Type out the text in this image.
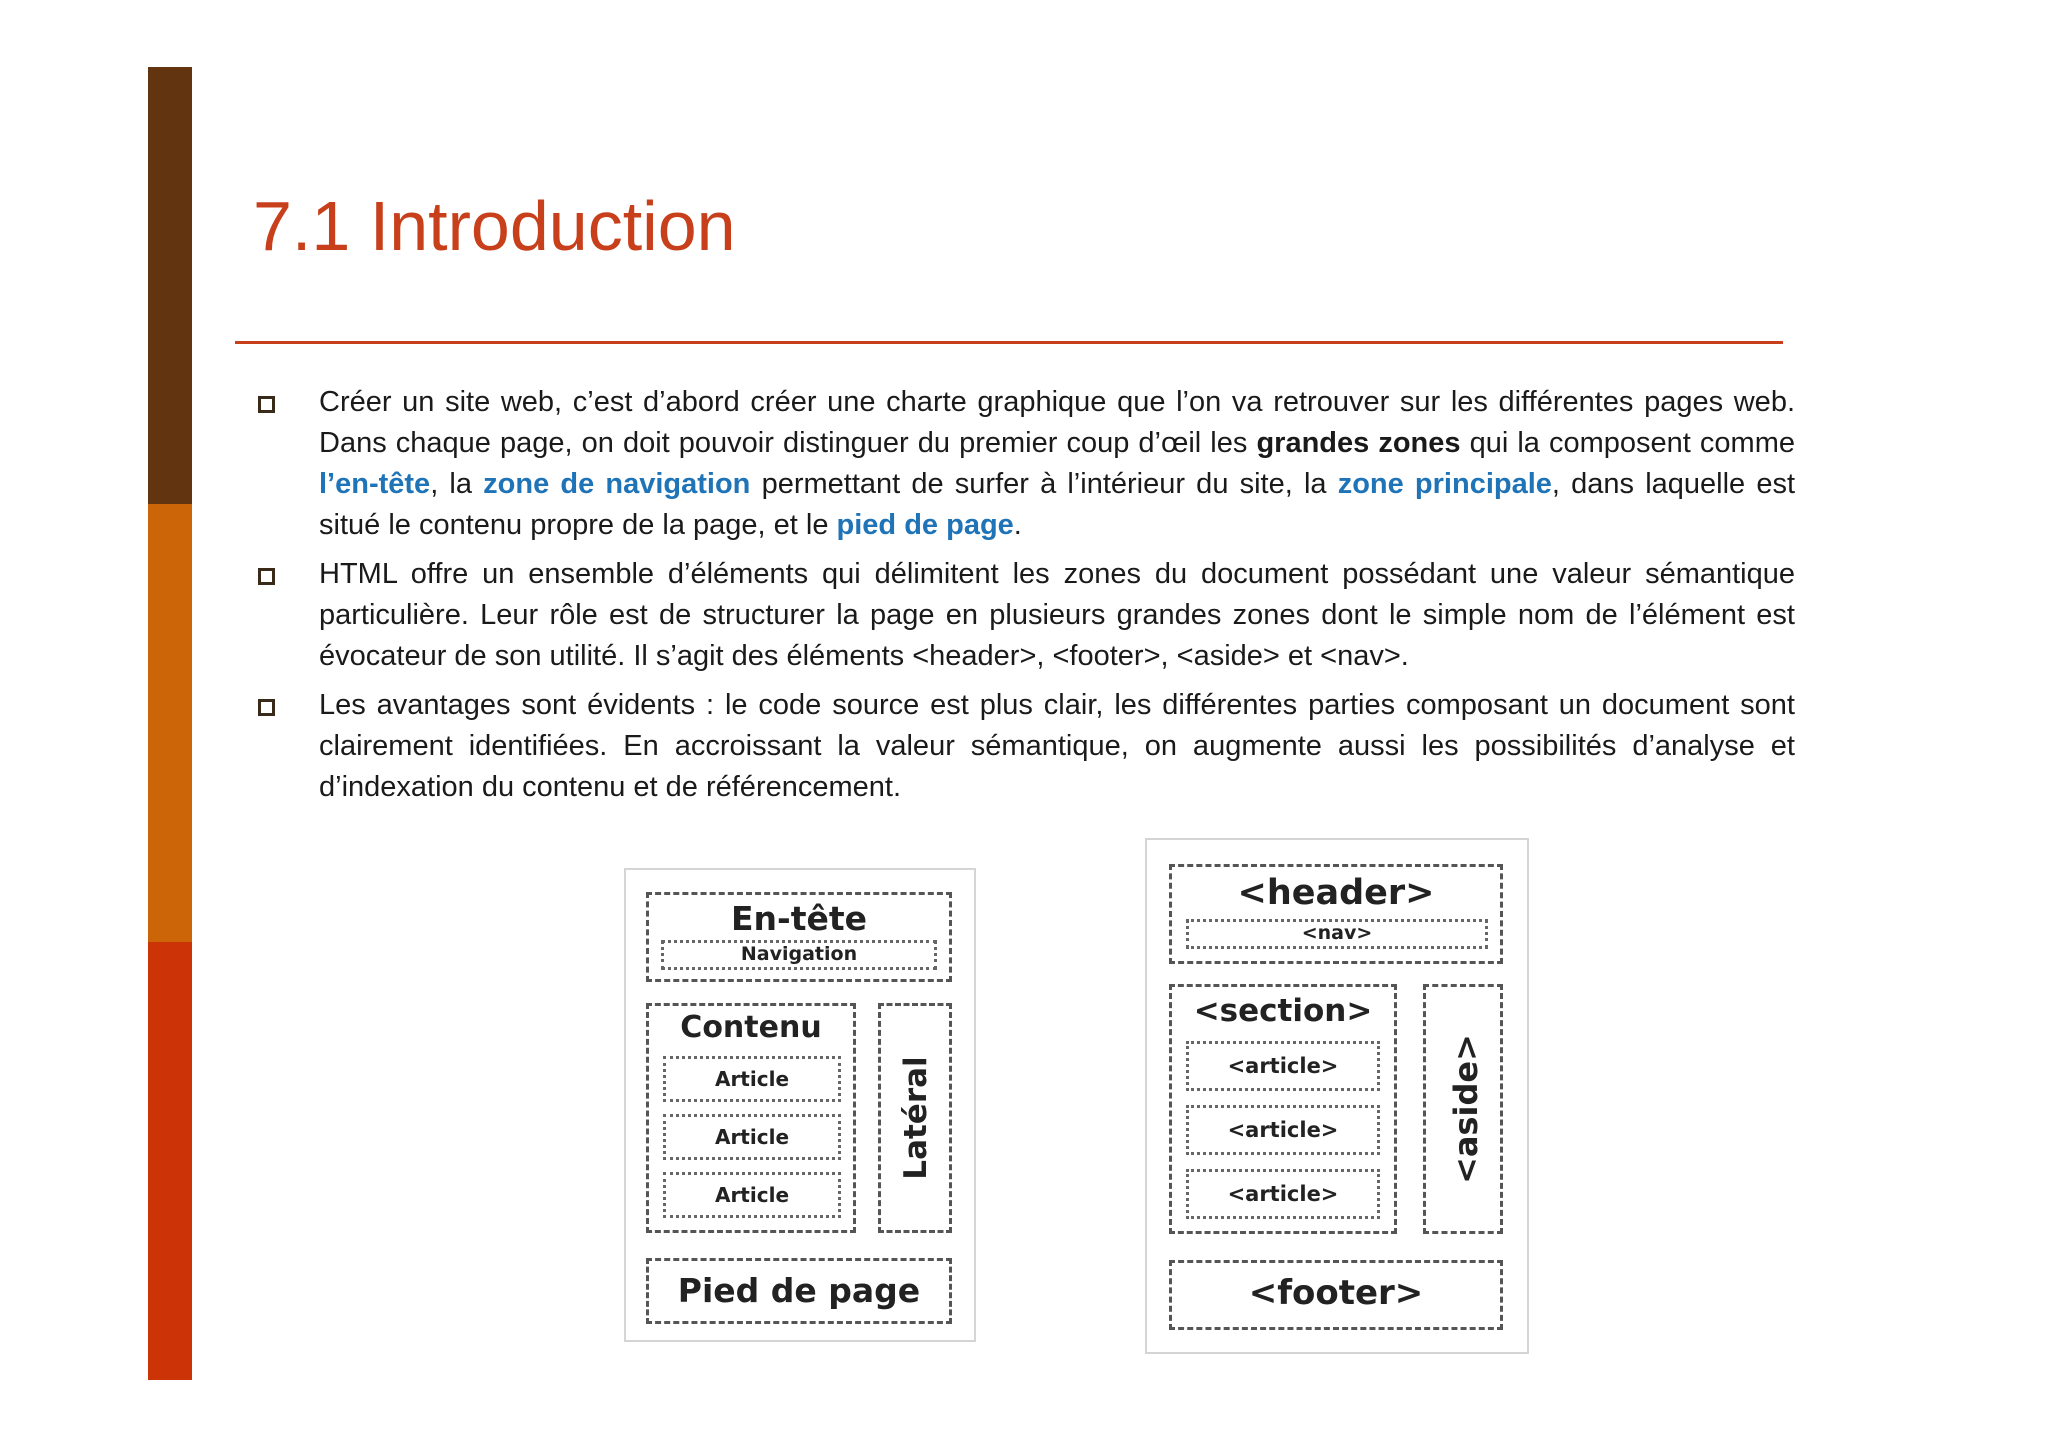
7.1 Introduction
Créer un site web, c’est d’abord créer une charte graphique que l’on va retrouver sur les différentes pages web. Dans chaque page, on doit pouvoir distinguer du premier coup d’œil les grandes zones qui la composent comme l’en-tête, la zone de navigation permettant de surfer à l’intérieur du site, la zone principale, dans laquelle est situé le contenu propre de la page, et le pied de page.
HTML offre un ensemble d’éléments qui délimitent les zones du document possédant une valeur sémantique particulière. Leur rôle est de structurer la page en plusieurs grandes zones dont le simple nom de l’élément est évocateur de son utilité. Il s’agit des éléments <header>, <footer>, <aside> et <nav>.
Les avantages sont évidents : le code source est plus clair, les différentes parties composant un document sont clairement identifiées. En accroissant la valeur sémantique, on augmente aussi les possibilités d’analyse et d’indexation du contenu et de référencement.
En-tête
Navigation
Contenu
Article
Article
Article
Latéral
Pied de page
<header>
<nav>
<section>
<article>
<article>
<article>
<aside>
<footer>
